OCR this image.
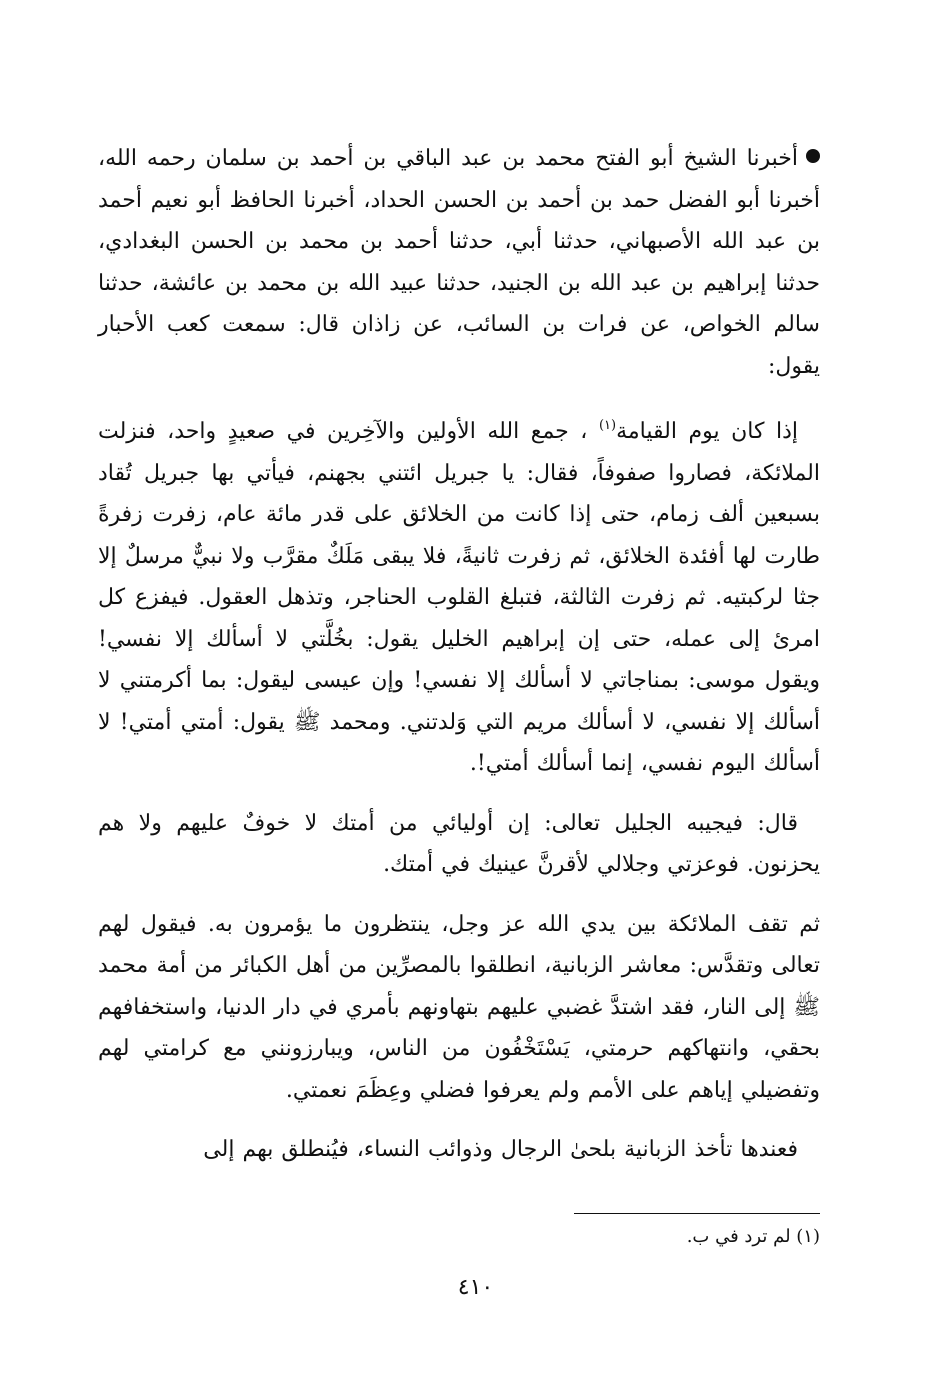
أخبرنا الشيخ أبو الفتح محمد بن عبد الباقي بن أحمد بن سلمان رحمه الله، أخبرنا أبو الفضل حمد بن أحمد بن الحسن الحداد، أخبرنا الحافظ أبو نعيم أحمد بن عبد الله الأصبهاني، حدثنا أبي، حدثنا أحمد بن محمد بن الحسن البغدادي، حدثنا إبراهيم بن عبد الله بن الجنيد، حدثنا عبيد الله بن محمد بن عائشة، حدثنا سالم الخواص، عن فرات بن السائب، عن زاذان قال: سمعت كعب الأحبار يقول:

إذا كان يوم القيامة$^{(١)}$ ، جمع الله الأولين والآخِرين في صعيدٍ واحد، فنزلت الملائكة، فصاروا صفوفاً، فقال: يا جبريل ائتني بجهنم، فيأتي بها جبريل تُقاد بسبعين ألف زمام، حتى إذا كانت من الخلائق على قدر مائة عام، زفرت زفرةً طارت لها أفئدة الخلائق، ثم زفرت ثانيةً، فلا يبقى مَلَكٌ مقرَّب ولا نبيٌّ مرسلٌ إلا جثا لركبتيه. ثم زفرت الثالثة، فتبلغ القلوب الحناجر، وتذهل العقول. فيفزع كل امرئ إلى عمله، حتى إن إبراهيم الخليل يقول: بخُلَّتي لا أسألك إلا نفسي! ويقول موسى: بمناجاتي لا أسألك إلا نفسي! وإن عيسى ليقول: بما أكرمتني لا أسألك إلا نفسي، لا أسألك مريم التي وَلدتني. ومحمد ﷺ يقول: أمتي أمتي! لا أسألك اليوم نفسي، إنما أسألك أمتي!.

قال: فيجيبه الجليل تعالى: إن أوليائي من أمتك لا خوفٌ عليهم ولا هم يحزنون. فوعزتي وجلالي لأقرنَّ عينيك في أمتك.

ثم تقف الملائكة بين يدي الله عز وجل، ينتظرون ما يؤمرون به. فيقول لهم تعالى وتقدَّس: معاشر الزبانية، انطلقوا بالمصرِّين من أهل الكبائر من أمة محمد ﷺ إلى النار، فقد اشتدَّ غضبي عليهم بتهاونهم بأمري في دار الدنيا، واستخفافهم بحقي، وانتهاكهم حرمتي، يَسْتَخْفُون من الناس، ويبارزونني مع كرامتي لهم وتفضيلي إياهم على الأمم ولم يعرفوا فضلي وعِظَمَ نعمتي.

فعندها تأخذ الزبانية بلحىٰ الرجال وذوائب النساء، فيُنطلق بهم إلى

(١) لم ترد في ب.
٤١٠
